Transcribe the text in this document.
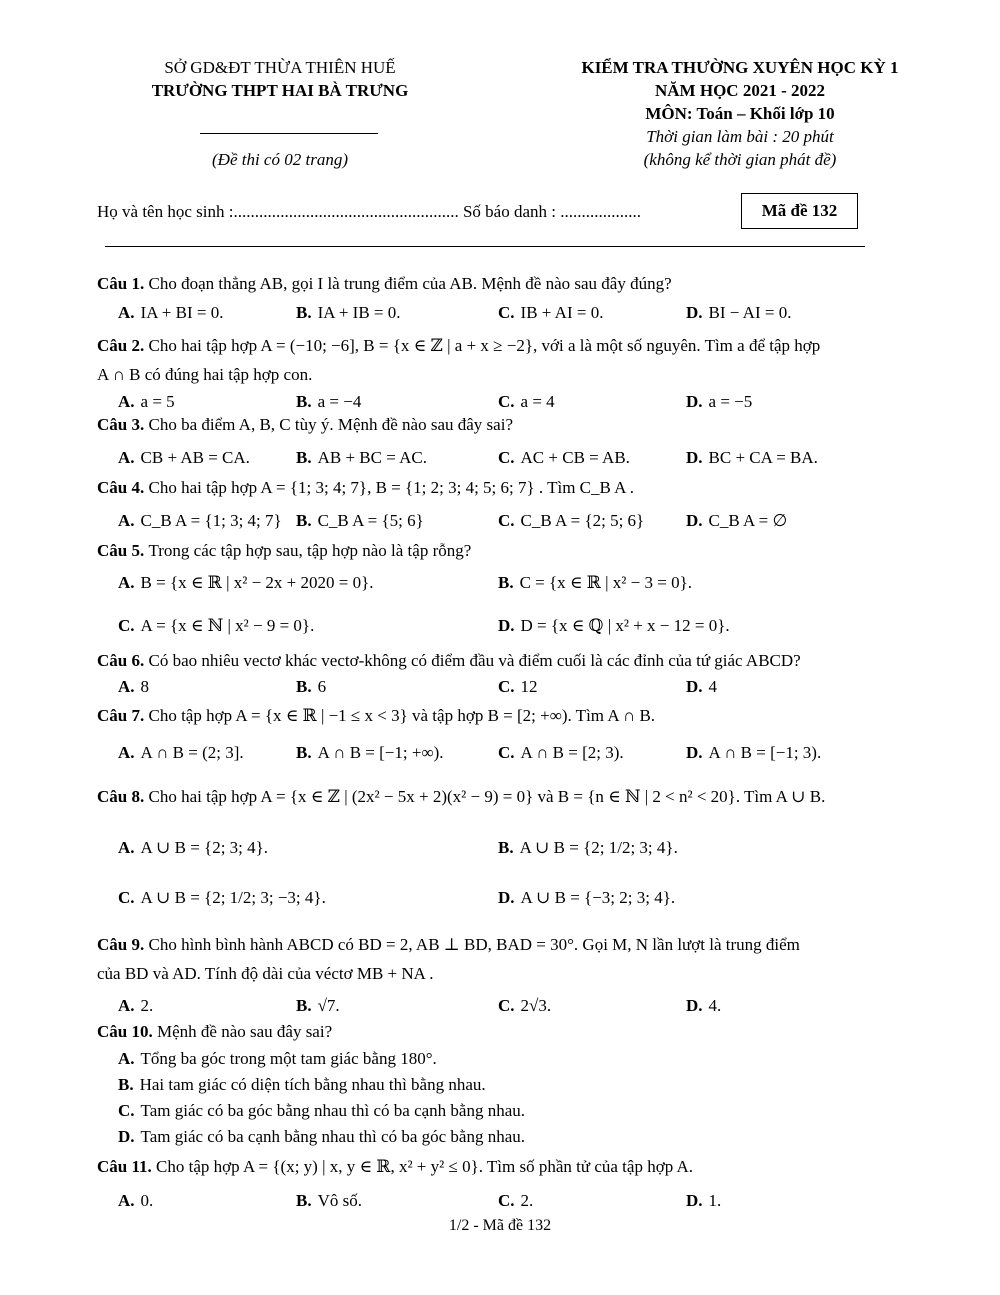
SỞ GD&ĐT THỪA THIÊN HUẾ
TRƯỜNG THPT HAI BÀ TRƯNG
(Đề thi có 02 trang)
KIỂM TRA THƯỜNG XUYÊN HỌC KỲ 1
NĂM HỌC 2021 - 2022
MÔN: Toán – Khối lớp 10
Thời gian làm bài : 20 phút
(không kể thời gian phát đề)
Họ và tên học sinh :..................................................... Số báo danh : ...................	Mã đề 132
Câu 1. Cho đoạn thẳng AB, gọi I là trung điểm của AB. Mệnh đề nào sau đây đúng?
A. IA + BI = 0.	B. IA + IB = 0.	C. IB + AI = 0.	D. BI − AI = 0.
Câu 2. Cho hai tập hợp A = (−10; −6], B = {x ∈ ℤ | a + x ≥ −2}, với a là một số nguyên. Tìm a để tập hợp
A ∩ B có đúng hai tập hợp con.
A. a = 5	B. a = −4	C. a = 4	D. a = −5
Câu 3. Cho ba điểm A, B, C tùy ý. Mệnh đề nào sau đây sai?
A. CB + AB = CA.	B. AB + BC = AC.	C. AC + CB = AB.	D. BC + CA = BA.
Câu 4. Cho hai tập hợp A = {1; 3; 4; 7}, B = {1; 2; 3; 4; 5; 6; 7} . Tìm C_B A .
A. C_B A = {1; 3; 4; 7} B. C_B A = {5; 6}	C. C_B A = {2; 5; 6} D. C_B A = ∅
Câu 5. Trong các tập hợp sau, tập hợp nào là tập rỗng?
A. B = {x ∈ ℝ | x² − 2x + 2020 = 0}.	B. C = {x ∈ ℝ | x² − 3 = 0}.
C. A = {x ∈ ℕ | x² − 9 = 0}.	D. D = {x ∈ ℚ | x² + x − 12 = 0}.
Câu 6. Có bao nhiêu vectơ khác vectơ-không có điểm đầu và điểm cuối là các đỉnh của tứ giác ABCD?
A. 8	B. 6	C. 12	D. 4
Câu 7. Cho tập hợp A = {x ∈ ℝ | −1 ≤ x < 3} và tập hợp B = [2; +∞). Tìm A ∩ B.
A. A ∩ B = (2; 3].	B. A ∩ B = [−1; +∞).	C. A ∩ B = [2; 3).	D. A ∩ B = [−1; 3).
Câu 8. Cho hai tập hợp A = {x ∈ ℤ | (2x² − 5x + 2)(x² − 9) = 0} và B = {n ∈ ℕ | 2 < n² < 20}. Tìm A ∪ B.
A. A ∪ B = {2; 3; 4}.	B. A ∪ B = {2; 1/2; 3; 4}.
C. A ∪ B = {2; 1/2; 3; −3; 4}.	D. A ∪ B = {−3; 2; 3; 4}.
Câu 9. Cho hình bình hành ABCD có BD = 2, AB ⊥ BD, BAD = 30°. Gọi M, N lần lượt là trung điểm
của BD và AD. Tính độ dài của véctơ MB + NA .
A. 2.	B. √7.	C. 2√3.	D. 4.
Câu 10. Mệnh đề nào sau đây sai?
A. Tổng ba góc trong một tam giác bằng 180°.
B. Hai tam giác có diện tích bằng nhau thì bằng nhau.
C. Tam giác có ba góc bằng nhau thì có ba cạnh bằng nhau.
D. Tam giác có ba cạnh bằng nhau thì có ba góc bằng nhau.
Câu 11. Cho tập hợp A = {(x; y) | x, y ∈ ℝ, x² + y² ≤ 0}. Tìm số phần tử của tập hợp A.
A. 0.	B. Vô số.	C. 2.	D. 1.
1/2 - Mã đề 132
